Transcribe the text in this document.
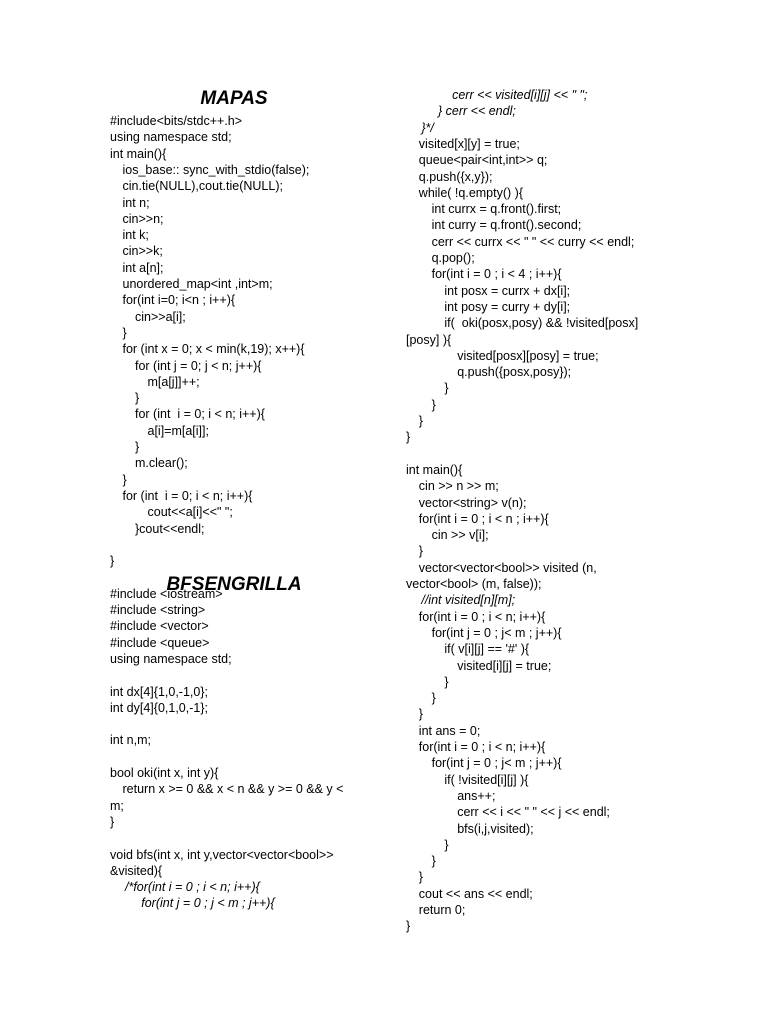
MAPAS
BFSENGRILLA
#include<bits/stdc++.h>
using namespace std;
int main(){
ios_base:: sync_with_stdio(false);
cin.tie(NULL),cout.tie(NULL);
int n;
cin>>n;
int k;
cin>>k;
int a[n];
unordered_map<int ,int>m;
for(int i=0; i<n ; i++){
cin>>a[i];
}
for (int x = 0; x < min(k,19); x++){
for (int j = 0; j < n; j++){
m[a[j]]++;
}
for (int  i = 0; i < n; i++){
a[i]=m[a[i]];
}
m.clear();
}
for (int  i = 0; i < n; i++){
cout<<a[i]<<" ";
}cout<<endl;
}
#include <iostream>
#include <string>
#include <vector>
#include <queue>
using namespace std;
int dx[4]{1,0,-1,0};
int dy[4]{0,1,0,-1};
int n,m;
bool oki(int x, int y){
return x >= 0 && x < n && y >= 0 && y <
m;
}
void bfs(int x, int y,vector<vector<bool>>
&visited){
/*for(int i = 0 ; i < n; i++){
for(int j = 0 ; j < m ; j++){
cerr << visited[i][j] << " ";
} cerr << endl;
}*/
visited[x][y] = true;
queue<pair<int,int>> q;
q.push({x,y});
while( !q.empty() ){
int currx = q.front().first;
int curry = q.front().second;
cerr << currx << " " << curry << endl;
q.pop();
for(int i = 0 ; i < 4 ; i++){
int posx = currx + dx[i];
int posy = curry + dy[i];
if(  oki(posx,posy) && !visited[posx]
[posy] ){
visited[posx][posy] = true;
q.push({posx,posy});
}
}
}
}
int main(){
cin >> n >> m;
vector<string> v(n);
for(int i = 0 ; i < n ; i++){
cin >> v[i];
}
vector<vector<bool>> visited (n,
vector<bool> (m, false));
//int visited[n][m];
for(int i = 0 ; i < n; i++){
for(int j = 0 ; j< m ; j++){
if( v[i][j] == '#' ){
visited[i][j] = true;
}
}
}
int ans = 0;
for(int i = 0 ; i < n; i++){
for(int j = 0 ; j< m ; j++){
if( !visited[i][j] ){
ans++;
cerr << i << " " << j << endl;
bfs(i,j,visited);
}
}
}
cout << ans << endl;
return 0;
}
